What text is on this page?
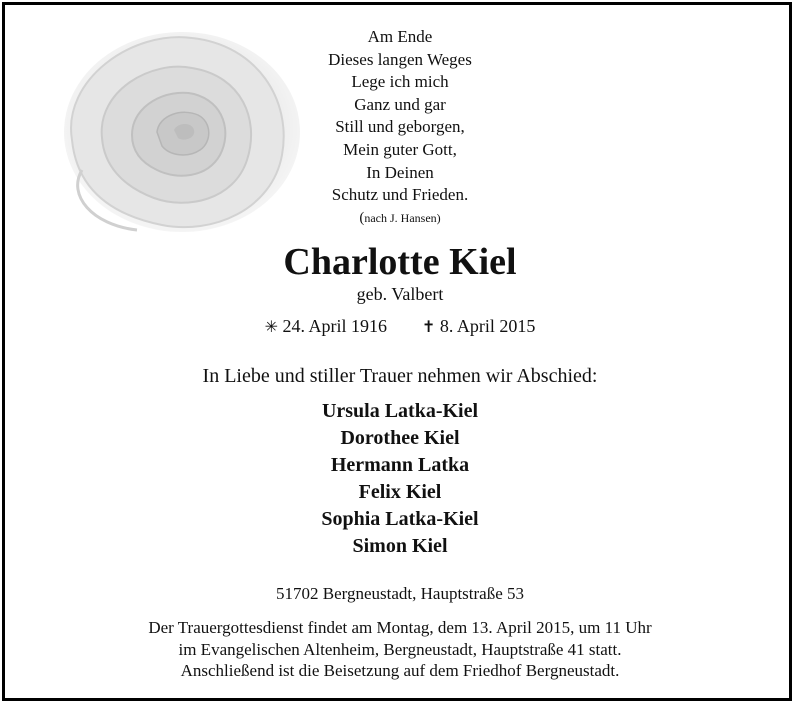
Am Ende
Dieses langen Weges
Lege ich mich
Ganz und gar
Still und geborgen,
Mein guter Gott,
In Deinen
Schutz und Frieden.
(nach J. Hansen)
Charlotte Kiel
geb. Valbert
✳ 24. April 1916 ✝ 8. April 2015
In Liebe und stiller Trauer nehmen wir Abschied:
Ursula Latka-Kiel
Dorothee Kiel
Hermann Latka
Felix Kiel
Sophia Latka-Kiel
Simon Kiel
51702 Bergneustadt, Hauptstraße 53
Der Trauergottesdienst findet am Montag, dem 13. April 2015, um 11 Uhr
im Evangelischen Altenheim, Bergneustadt, Hauptstraße 41 statt.
Anschließend ist die Beisetzung auf dem Friedhof Bergneustadt.
